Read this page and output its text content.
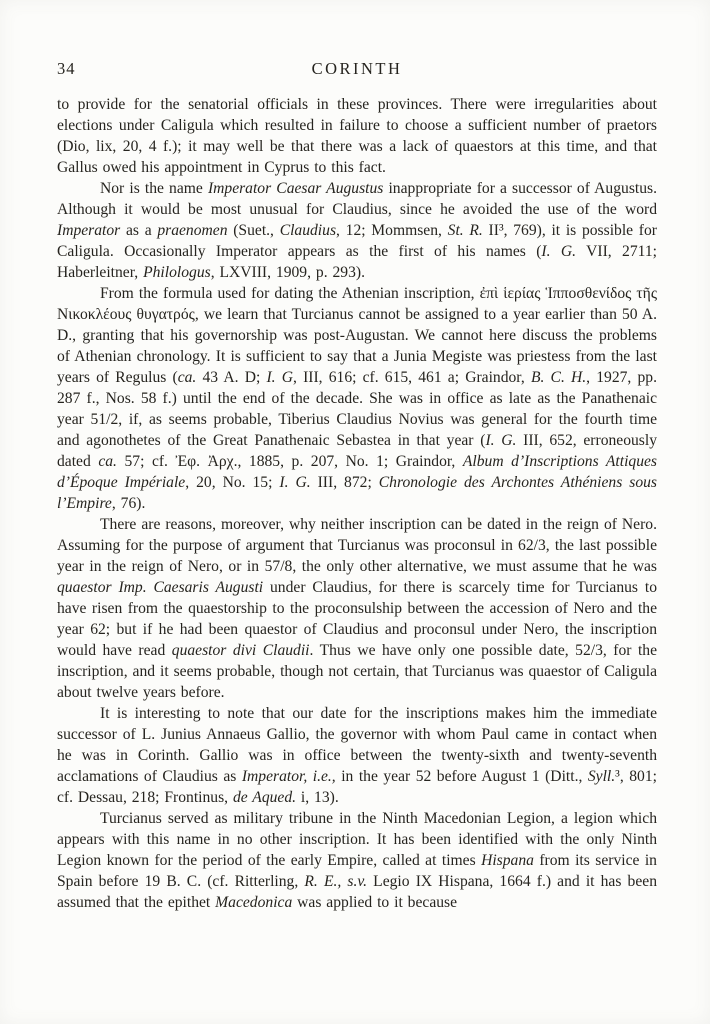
34	CORINTH

to provide for the senatorial officials in these provinces. There were irregularities about elections under Caligula which resulted in failure to choose a sufficient number of praetors (Dio, lix, 20, 4 f.); it may well be that there was a lack of quaestors at this time, and that Gallus owed his appointment in Cyprus to this fact.

Nor is the name Imperator Caesar Augustus inappropriate for a successor of Augustus. Although it would be most unusual for Claudius, since he avoided the use of the word Imperator as a praenomen (Suet., Claudius, 12; Mommsen, St. R. II³, 769), it is possible for Caligula. Occasionally Imperator appears as the first of his names (I. G. VII, 2711; Haberleitner, Philologus, LXVIII, 1909, p. 293).

From the formula used for dating the Athenian inscription, ἐπὶ ἱερίας Ἱπποσθενίδος τῆς Νικοκλέους θυγατρός, we learn that Turcianus cannot be assigned to a year earlier than 50 A. D., granting that his governorship was post-Augustan. We cannot here discuss the problems of Athenian chronology. It is sufficient to say that a Junia Megiste was priestess from the last years of Regulus (ca. 43 A. D; I. G, III, 616; cf. 615, 461 a; Graindor, B. C. H., 1927, pp. 287 f., Nos. 58 f.) until the end of the decade. She was in office as late as the Panathenaic year 51/2, if, as seems probable, Tiberius Claudius Novius was general for the fourth time and agonothetes of the Great Panathenaic Sebastea in that year (I. G. III, 652, erroneously dated ca. 57; cf. Ἐφ. Ἀρχ., 1885, p. 207, No. 1; Graindor, Album d’Inscriptions Attiques d’Époque Impériale, 20, No. 15; I. G. III, 872; Chronologie des Archontes Athéniens sous l’Empire, 76).

There are reasons, moreover, why neither inscription can be dated in the reign of Nero. Assuming for the purpose of argument that Turcianus was proconsul in 62/3, the last possible year in the reign of Nero, or in 57/8, the only other alternative, we must assume that he was quaestor Imp. Caesaris Augusti under Claudius, for there is scarcely time for Turcianus to have risen from the quaestorship to the proconsulship between the accession of Nero and the year 62; but if he had been quaestor of Claudius and proconsul under Nero, the inscription would have read quaestor divi Claudii. Thus we have only one possible date, 52/3, for the inscription, and it seems probable, though not certain, that Turcianus was quaestor of Caligula about twelve years before.

It is interesting to note that our date for the inscriptions makes him the immediate successor of L. Junius Annaeus Gallio, the governor with whom Paul came in contact when he was in Corinth. Gallio was in office between the twenty-sixth and twenty-seventh acclamations of Claudius as Imperator, i.e., in the year 52 before August 1 (Ditt., Syll.³, 801; cf. Dessau, 218; Frontinus, de Aqued. i, 13).

Turcianus served as military tribune in the Ninth Macedonian Legion, a legion which appears with this name in no other inscription. It has been identified with the only Ninth Legion known for the period of the early Empire, called at times Hispana from its service in Spain before 19 B. C. (cf. Ritterling, R. E., s.v. Legio IX Hispana, 1664 f.) and it has been assumed that the epithet Macedonica was applied to it because
